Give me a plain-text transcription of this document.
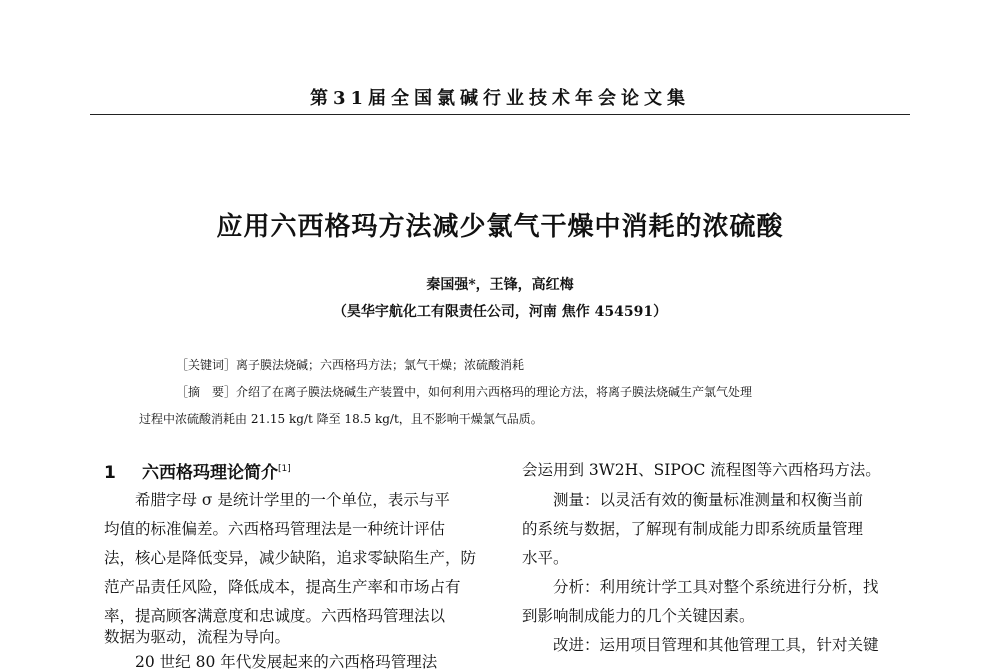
第31届全国氯碱行业技术年会论文集
应用六西格玛方法减少氯气干燥中消耗的浓硫酸
秦国强*，王锋，高红梅
（昊华宇航化工有限责任公司，河南 焦作 454591）
［关键词］离子膜法烧碱；六西格玛方法；氯气干燥；浓硫酸消耗
［摘　要］介绍了在离子膜法烧碱生产装置中，如何利用六西格玛的理论方法，将离子膜法烧碱生产氯气处理
过程中浓硫酸消耗由 21.15 kg/t 降至 18.5 kg/t，且不影响干燥氯气品质。
1 六西格玛理论简介[1]
　　希腊字母 σ 是统计学里的一个单位，表示与平
均值的标准偏差。六西格玛管理法是一种统计评估
法，核心是降低变异，减少缺陷，追求零缺陷生产，防
范产品责任风险，降低成本，提高生产率和市场占有
率，提高顾客满意度和忠诚度。六西格玛管理法以
数据为驱动，流程为导向。
　　20 世纪 80 年代发展起来的六西格玛管理法
会运用到 3W2H、SIPOC 流程图等六西格玛方法。
　　测量：以灵活有效的衡量标准测量和权衡当前
的系统与数据，了解现有制成能力即系统质量管理
水平。
　　分析：利用统计学工具对整个系统进行分析，找
到影响制成能力的几个关键因素。
　　改进：运用项目管理和其他管理工具，针对关键
